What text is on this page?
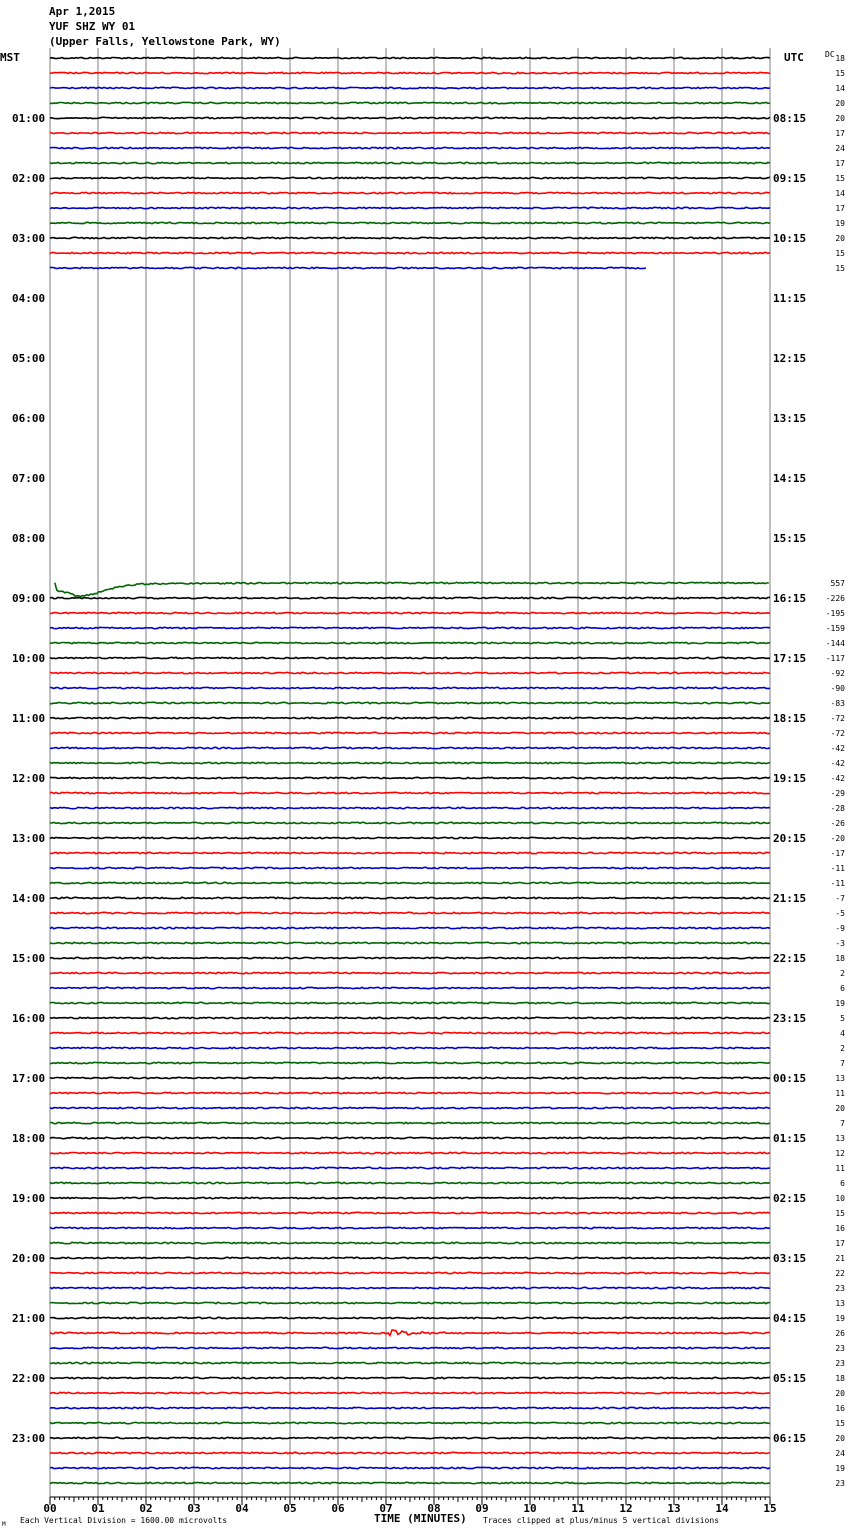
Apr 1,2015
YUF SHZ WY 01
(Upper Falls, Yellowstone Park, WY)
01:00
02:00
03:00
04:00
05:00
06:00
07:00
08:00
09:00
10:00
11:00
12:00
13:00
14:00
15:00
16:00
17:00
18:00
19:00
20:00
21:00
22:00
23:00
08:15
09:15
10:15
11:15
12:15
13:15
14:15
15:15
16:15
17:15
18:15
19:15
20:15
21:15
22:15
23:15
00:15
01:15
02:15
03:15
04:15
05:15
06:15
18
15
14
20
20
17
24
17
15
14
17
19
20
15
15
557
-226
-195
-159
-144
-117
-92
-90
-83
-72
-72
-42
-42
-42
-29
-28
-26
-20
-17
-11
-11
-7
-5
-9
-3
18
2
6
19
5
4
2
7
13
11
20
7
13
12
11
6
10
15
16
17
21
22
23
13
19
26
23
23
18
20
16
15
20
24
19
23
00	01	02	03	04	05	06	07	08	09	10	11	12	13	14	15
MST	UTC	DC
TIME (MINUTES)
Each Vertical Division = 1600.00 microvolts	Traces clipped at plus/minus 5 vertical divisions
M
